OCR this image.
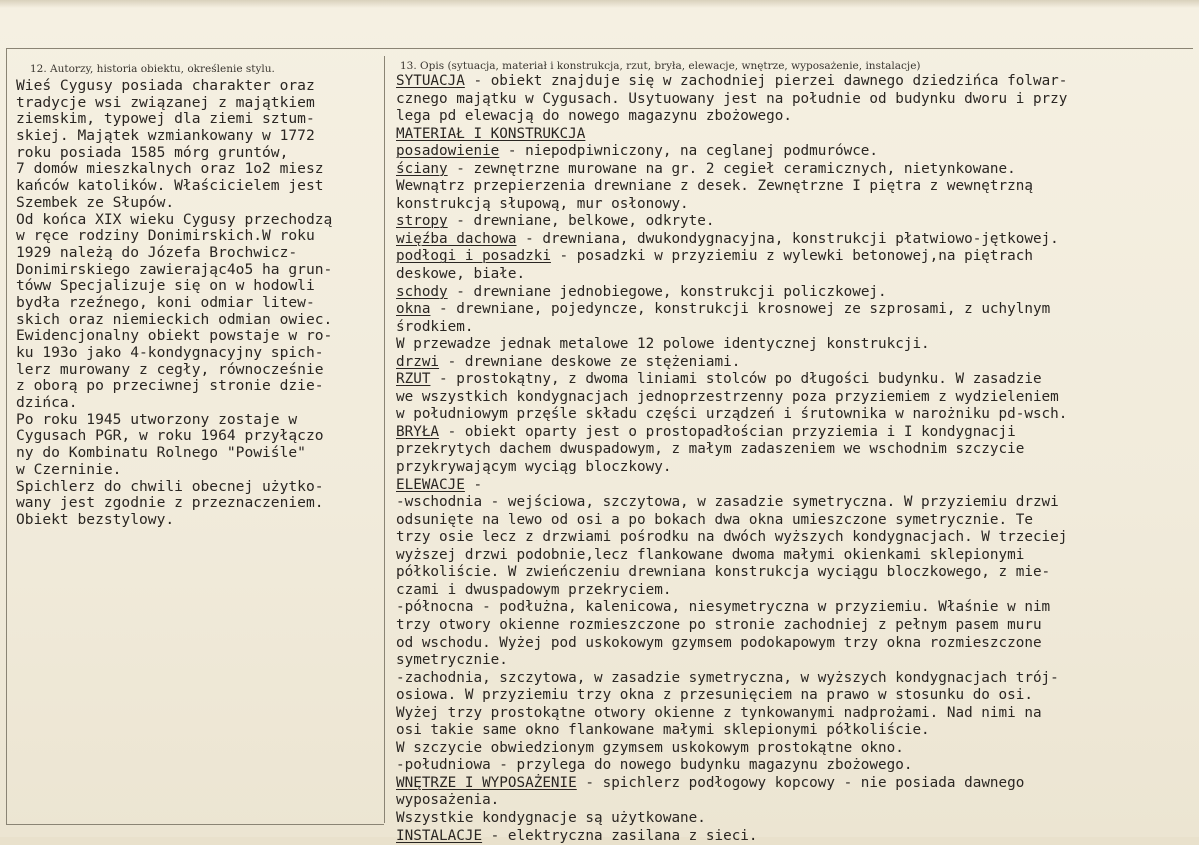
12. Autorzy, historia obiektu, określenie stylu.	13. Opis (sytuacja, materiał i konstrukcja, rzut, bryła, elewacje, wnętrze, wyposażenie, instalacje)
Wieś Cygusy posiada charakter oraz
tradycje wsi związanej z majątkiem
ziemskim, typowej dla ziemi sztum-
skiej. Majątek wzmiankowany w 1772
roku posiada 1585 mórg gruntów,
7 domów mieszkalnych oraz 1o2 miesz
kańców katolików. Właścicielem jest
Szembek ze Słupów.
Od końca XIX wieku Cygusy przechodzą
w ręce rodziny Donimirskich.W roku
1929 należą do Józefa Brochwicz-
Donimirskiego zawierając4o5 ha grun-
tóww Specjalizuje się on w hodowli
bydła rzeźnego, koni odmiar litew-
skich oraz niemieckich odmian owiec.
Ewidencjonalny obiekt powstaje w ro-
ku 193o jako 4-kondygnacyjny spich-
lerz murowany z cegły, równocześnie
z oborą po przeciwnej stronie dzie-
dzińca.
Po roku 1945 utworzony zostaje w
Cygusach PGR, w roku 1964 przyłączo
ny do Kombinatu Rolnego "Powiśle"
w Czerninie.
Spichlerz do chwili obecnej użytko-
wany jest zgodnie z przeznaczeniem.
Obiekt bezstylowy.
SYTUACJA - obiekt znajduje się w zachodniej pierzei dawnego dziedzińca folwar-
cznego majątku w Cygusach. Usytuowany jest na południe od budynku dworu i przy
lega pd elewacją do nowego magazynu zbożowego.
MATERIAŁ I KONSTRUKCJA
posadowienie - niepodpiwniczony, na ceglanej podmurówce.
ściany - zewnętrzne murowane na gr. 2 cegieł ceramicznych, nietynkowane.
Wewnątrz przepierzenia drewniane z desek. Zewnętrzne I piętra z wewnętrzną
konstrukcją słupową, mur osłonowy.
stropy - drewniane, belkowe, odkryte.
więźba dachowa - drewniana, dwukondygnacyjna, konstrukcji płatwiowo-jętkowej.
podłogi i posadzki - posadzki w przyziemiu z wylewki betonowej,na piętrach
deskowe, białe.
schody - drewniane jednobiegowe, konstrukcji policzkowej.
okna - drewniane, pojedyncze, konstrukcji krosnowej ze szprosami, z uchylnym
środkiem.
W przewadze jednak metalowe 12 polowe identycznej konstrukcji.
drzwi - drewniane deskowe ze stężeniami.
RZUT - prostokątny, z dwoma liniami stolców po długości budynku. W zasadzie
we wszystkich kondygnacjach jednoprzestrzenny poza przyziemiem z wydzieleniem
w południowym przęśle składu części urządzeń i śrutownika w narożniku pd-wsch.
BRYŁA - obiekt oparty jest o prostopadłościan przyziemia i I kondygnacji
przekrytych dachem dwuspadowym, z małym zadaszeniem we wschodnim szczycie
przykrywającym wyciąg bloczkowy.
ELEWACJE -
-wschodnia - wejściowa, szczytowa, w zasadzie symetryczna. W przyziemiu drzwi
odsunięte na lewo od osi a po bokach dwa okna umieszczone symetrycznie. Te
trzy osie lecz z drzwiami pośrodku na dwóch wyższych kondygnacjach. W trzeciej
wyższej drzwi podobnie,lecz flankowane dwoma małymi okienkami sklepionymi
półkoliście. W zwieńczeniu drewniana konstrukcja wyciągu bloczkowego, z mie-
czami i dwuspadowym przekryciem.
-północna - podłużna, kalenicowa, niesymetryczna w przyziemiu. Właśnie w nim
trzy otwory okienne rozmieszczone po stronie zachodniej z pełnym pasem muru
od wschodu. Wyżej pod uskokowym gzymsem podokapowym trzy okna rozmieszczone
symetrycznie.
-zachodnia, szczytowa, w zasadzie symetryczna, w wyższych kondygnacjach trój-
osiowa. W przyziemiu trzy okna z przesunięciem na prawo w stosunku do osi.
Wyżej trzy prostokątne otwory okienne z tynkowanymi nadprożami. Nad nimi na
osi takie same okno flankowane małymi sklepionymi półkoliście.
W szczycie obwiedzionym gzymsem uskokowym prostokątne okno.
-południowa - przylega do nowego budynku magazynu zbożowego.
WNĘTRZE I WYPOSAŻENIE - spichlerz podłogowy kopcowy - nie posiada dawnego
wyposażenia.
Wszystkie kondygnacje są użytkowane.
INSTALACJE - elektryczna zasilana z sieci.
